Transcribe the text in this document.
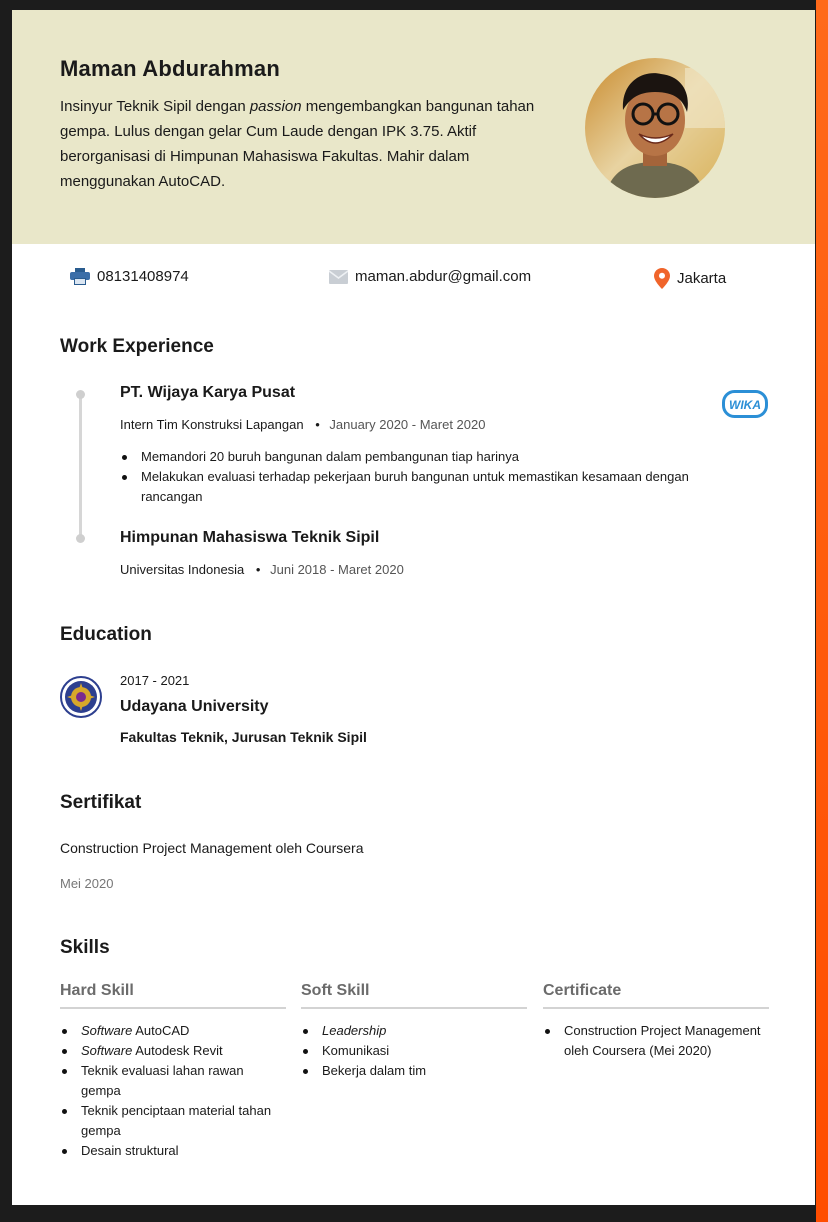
Maman Abdurahman
Insinyur Teknik Sipil dengan passion mengembangkan bangunan tahan gempa. Lulus dengan gelar Cum Laude dengan IPK 3.75. Aktif berorganisasi di Himpunan Mahasiswa Fakultas. Mahir dalam menggunakan AutoCAD.
08131408974	maman.abdur@gmail.com	Jakarta
Work Experience
PT. Wijaya Karya Pusat
Intern Tim Konstruksi Lapangan • January 2020 - Maret 2020
WIKA
Memandori 20 buruh bangunan dalam pembangunan tiap harinya
Melakukan evaluasi terhadap pekerjaan buruh bangunan untuk memastikan kesamaan dengan rancangan
Himpunan Mahasiswa Teknik Sipil
Universitas Indonesia • Juni 2018 - Maret 2020
Education
2017 - 2021
Udayana University
Fakultas Teknik, Jurusan Teknik Sipil
Sertifikat
Construction Project Management oleh Coursera
Mei 2020
Skills
Hard Skill
Software AutoCAD
Software Autodesk Revit
Teknik evaluasi lahan rawan gempa
Teknik penciptaan material tahan gempa
Desain struktural
Soft Skill
Leadership
Komunikasi
Bekerja dalam tim
Certificate
Construction Project Management oleh Coursera (Mei 2020)
